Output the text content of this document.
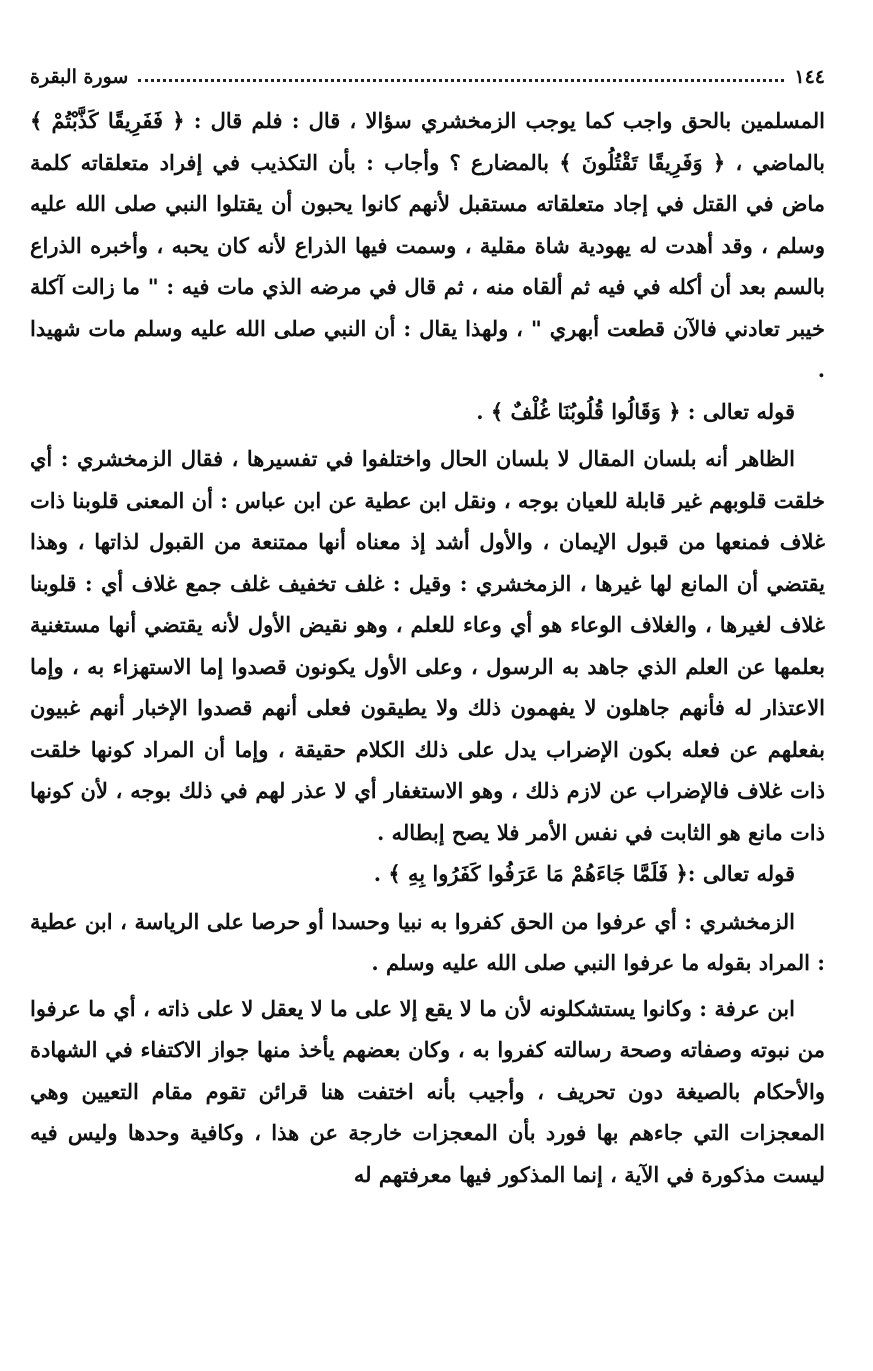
١٤٤
سورة البقرة

المسلمين بالحق واجب كما يوجب الزمخشري سؤالا ، قال : فلم قال : ﴿ فَفَرِيقًا كَذَّبْتُمْ ﴾ بالماضي ، ﴿ وَفَرِيقًا تَقْتُلُونَ ﴾ بالمضارع ؟ وأجاب : بأن التكذيب في إفراد متعلقاته كلمة ماض في القتل في إجاد متعلقاته مستقبل لأنهم كانوا يحبون أن يقتلوا النبي صلى الله عليه وسلم ، وقد أهدت له يهودية شاة مقلية ، وسمت فيها الذراع لأنه كان يحبه ، وأخبره الذراع بالسم بعد أن أكله في فيه ثم ألقاه منه ، ثم قال في مرضه الذي مات فيه : " ما زالت آكلة خيبر تعادني فالآن قطعت أبهري " ، ولهذا يقال : أن النبي صلى الله عليه وسلم مات شهيدا .

قوله تعالى : ﴿ وَقَالُوا قُلُوبُنَا غُلْفٌ ﴾ .

الظاهر أنه بلسان المقال لا بلسان الحال واختلفوا في تفسيرها ، فقال الزمخشري : أي خلقت قلوبهم غير قابلة للعيان بوجه ، ونقل ابن عطية عن ابن عباس : أن المعنى قلوبنا ذات غلاف فمنعها من قبول الإيمان ، والأول أشد إذ معناه أنها ممتنعة من القبول لذاتها ، وهذا يقتضي أن المانع لها غيرها ، الزمخشري : وقيل : غلف تخفيف غلف جمع غلاف أي : قلوبنا غلاف لغيرها ، والغلاف الوعاء هو أي وعاء للعلم ، وهو نقيض الأول لأنه يقتضي أنها مستغنية بعلمها عن العلم الذي جاهد به الرسول ، وعلى الأول يكونون قصدوا إما الاستهزاء به ، وإما الاعتذار له فأنهم جاهلون لا يفهمون ذلك ولا يطيقون فعلى أنهم قصدوا الإخبار أنهم غبيون بفعلهم عن فعله بكون الإضراب يدل على ذلك الكلام حقيقة ، وإما أن المراد كونها خلقت ذات غلاف فالإضراب عن لازم ذلك ، وهو الاستغفار أي لا عذر لهم في ذلك بوجه ، لأن كونها ذات مانع هو الثابت في نفس الأمر فلا يصح إبطاله .

قوله تعالى :﴿ فَلَمَّا جَاءَهُمْ مَا عَرَفُوا كَفَرُوا بِهِ ﴾ .

الزمخشري : أي عرفوا من الحق كفروا به نبيا وحسدا أو حرصا على الرياسة ، ابن عطية : المراد بقوله ما عرفوا النبي صلى الله عليه وسلم .

ابن عرفة : وكانوا يستشكلونه لأن ما لا يقع إلا على ما لا يعقل لا على ذاته ، أي ما عرفوا من نبوته وصفاته وصحة رسالته كفروا به ، وكان بعضهم يأخذ منها جواز الاكتفاء في الشهادة والأحكام بالصيغة دون تحريف ، وأجيب بأنه اختفت هنا قرائن تقوم مقام التعيين وهي المعجزات التي جاءهم بها فورد بأن المعجزات خارجة عن هذا ، وكافية وحدها وليس فيه ليست مذكورة في الآية ، إنما المذكور فيها معرفتهم له
